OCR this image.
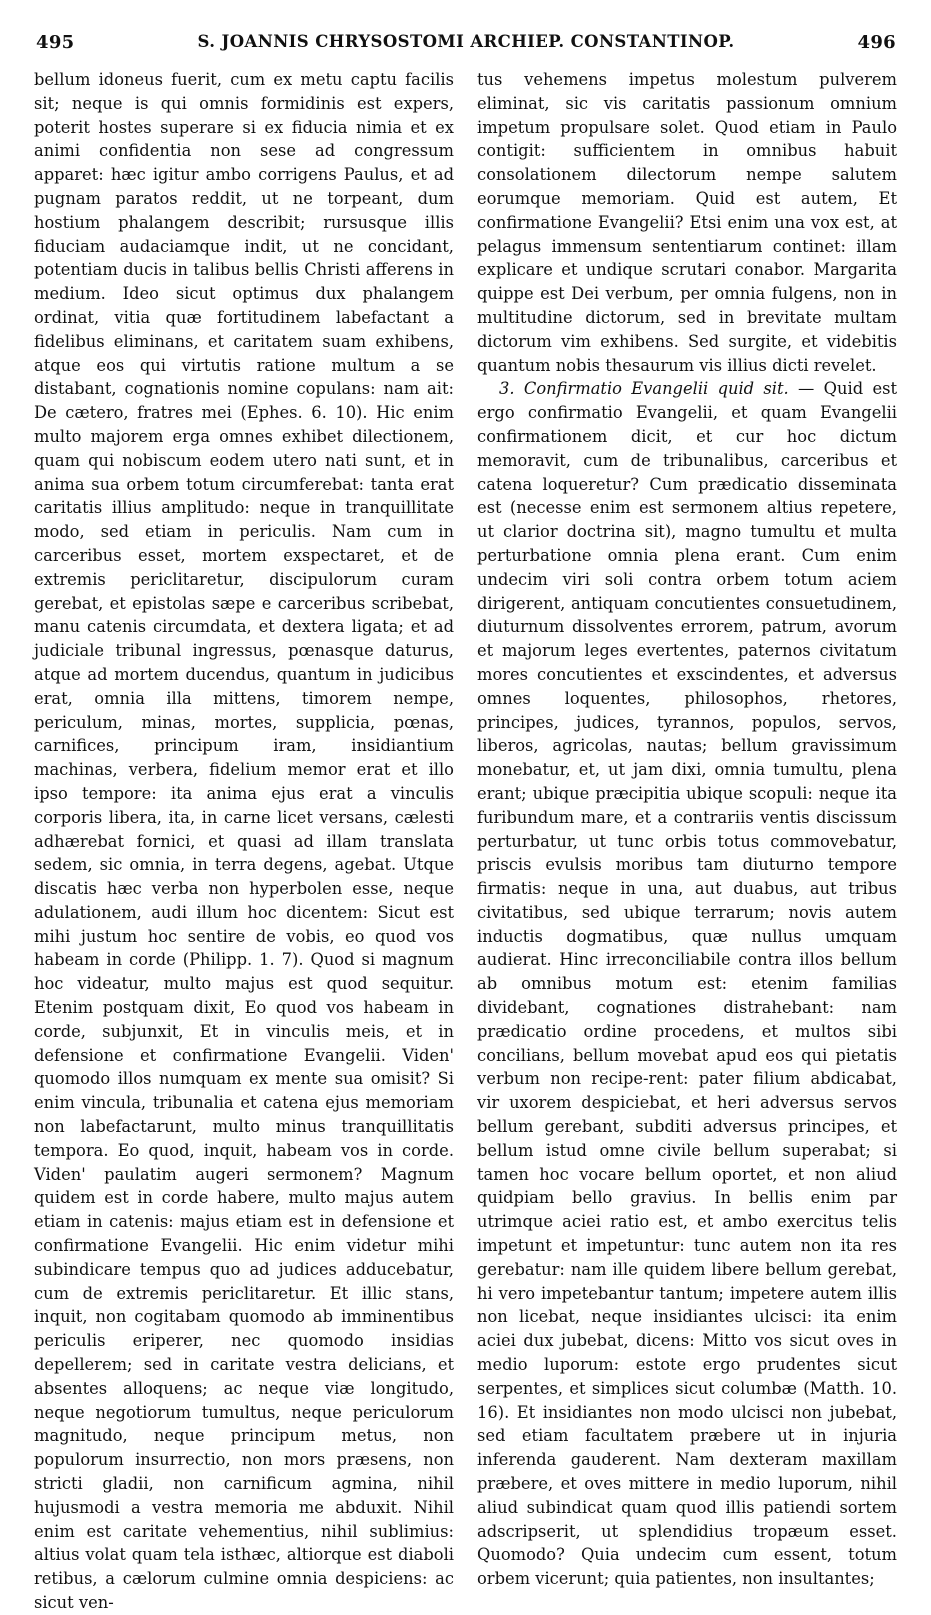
495	S. JOANNIS CHRYSOSTOMI ARCHIEP. CONSTANTINOP.	496

bellum idoneus fuerit, cum ex metu captu facilis sit; neque is qui omnis formidinis est expers, poterit hostes superare si ex fiducia nimia et ex animi confidentia non sese ad congressum apparet: hæc igitur ambo corrigens Paulus, et ad pugnam paratos reddit, ut ne torpeant, dum hostium phalangem describit; rursusque illis fiduciam audaciamque indit, ut ne concidant, potentiam ducis in talibus bellis Christi afferens in medium. Ideo sicut optimus dux phalangem ordinat, vitia quæ fortitudinem labefactant a fidelibus eliminans, et caritatem suam exhibens, atque eos qui virtutis ratione multum a se distabant, cognationis nomine copulans: nam ait: De cætero, fratres mei (Ephes. 6. 10). Hic enim multo majorem erga omnes exhibet dilectionem, quam qui nobiscum eodem utero nati sunt, et in anima sua orbem totum circumferebat: tanta erat caritatis illius amplitudo: neque in tranquillitate modo, sed etiam in periculis. Nam cum in carceribus esset, mortem exspectaret, et de extremis periclitaretur, discipulorum curam gerebat, et epistolas sæpe e carceribus scribebat, manu catenis circumdata, et dextera ligata; et ad judiciale tribunal ingressus, pœnasque daturus, atque ad mortem ducendus, quantum in judicibus erat, omnia illa mittens, timorem nempe, periculum, minas, mortes, supplicia, pœnas, carnifices, principum iram, insidiantium machinas, verbera, fidelium memor erat et illo ipso tempore: ita anima ejus erat a vinculis corporis libera, ita, in carne licet versans, cælesti adhærebat fornici, et quasi ad illam translata sedem, sic omnia, in terra degens, agebat. Utque discatis hæc verba non hyperbolen esse, neque adulationem, audi illum hoc dicentem: Sicut est mihi justum hoc sentire de vobis, eo quod vos habeam in corde (Philipp. 1. 7). Quod si magnum hoc videatur, multo majus est quod sequitur. Etenim postquam dixit, Eo quod vos habeam in corde, subjunxit, Et in vinculis meis, et in defensione et confirmatione Evangelii. Viden' quomodo illos numquam ex mente sua omisit? Si enim vincula, tribunalia et catena ejus memoriam non labefactarunt, multo minus tranquillitatis tempora. Eo quod, inquit, habeam vos in corde. Viden' paulatim augeri sermonem? Magnum quidem est in corde habere, multo majus autem etiam in catenis: majus etiam est in defensione et confirmatione Evangelii. Hic enim videtur mihi subindicare tempus quo ad judices adducebatur, cum de extremis periclitaretur. Et illic stans, inquit, non cogitabam quomodo ab imminentibus periculis eriperer, nec quomodo insidias depellerem; sed in caritate vestra delicians, et absentes alloquens; ac neque viæ longitudo, neque negotiorum tumultus, neque periculorum magnitudo, neque principum metus, non populorum insurrectio, non mors præsens, non stricti gladii, non carnificum agmina, nihil hujusmodi a vestra memoria me abduxit. Nihil enim est caritate vehementius, nihil sublimius: altius volat quam tela isthæc, altiorque est diaboli retibus, a cælorum culmine omnia despiciens: ac sicut ven-

tus vehemens impetus molestum pulverem eliminat, sic vis caritatis passionum omnium impetum propulsare solet. Quod etiam in Paulo contigit: sufficientem in omnibus habuit consolationem dilectorum nempe salutem eorumque memoriam. Quid est autem, Et confirmatione Evangelii? Etsi enim una vox est, at pelagus immensum sententiarum continet: illam explicare et undique scrutari conabor. Margarita quippe est Dei verbum, per omnia fulgens, non in multitudine dictorum, sed in brevitate multam dictorum vim exhibens. Sed surgite, et videbitis quantum nobis thesaurum vis illius dicti revelet.

3. Confirmatio Evangelii quid sit. — Quid est ergo confirmatio Evangelii, et quam Evangelii confirmationem dicit, et cur hoc dictum memoravit, cum de tribunalibus, carceribus et catena loqueretur? Cum prædicatio disseminata est (necesse enim est sermonem altius repetere, ut clarior doctrina sit), magno tumultu et multa perturbatione omnia plena erant. Cum enim undecim viri soli contra orbem totum aciem dirigerent, antiquam concutientes consuetudinem, diuturnum dissolventes errorem, patrum, avorum et majorum leges evertentes, paternos civitatum mores concutientes et exscindentes, et adversus omnes loquentes, philosophos, rhetores, principes, judices, tyrannos, populos, servos, liberos, agricolas, nautas; bellum gravissimum monebatur, et, ut jam dixi, omnia tumultu, plena erant; ubique præcipitia ubique scopuli: neque ita furibundum mare, et a contrariis ventis discissum perturbatur, ut tunc orbis totus commovebatur, priscis evulsis moribus tam diuturno tempore firmatis: neque in una, aut duabus, aut tribus civitatibus, sed ubique terrarum; novis autem inductis dogmatibus, quæ nullus umquam audierat. Hinc irreconciliabile contra illos bellum ab omnibus motum est: etenim familias dividebant, cognationes distrahebant: nam prædicatio ordine procedens, et multos sibi concilians, bellum movebat apud eos qui pietatis verbum non recipe-rent: pater filium abdicabat, vir uxorem despiciebat, et heri adversus servos bellum gerebant, subditi adversus principes, et bellum istud omne civile bellum superabat; si tamen hoc vocare bellum oportet, et non aliud quidpiam bello gravius. In bellis enim par utrimque aciei ratio est, et ambo exercitus telis impetunt et impetuntur: tunc autem non ita res gerebatur: nam ille quidem libere bellum gerebat, hi vero impetebantur tantum; impetere autem illis non licebat, neque insidiantes ulcisci: ita enim aciei dux jubebat, dicens: Mitto vos sicut oves in medio luporum: estote ergo prudentes sicut serpentes, et simplices sicut columbæ (Matth. 10. 16). Et insidiantes non modo ulcisci non jubebat, sed etiam facultatem præbere ut in injuria inferenda gauderent. Nam dexteram maxillam præbere, et oves mittere in medio luporum, nihil aliud subindicat quam quod illis patiendi sortem adscripserit, ut splendidius tropæum esset. Quomodo? Quia undecim cum essent, totum orbem vicerunt; quia patientes, non insultantes;
